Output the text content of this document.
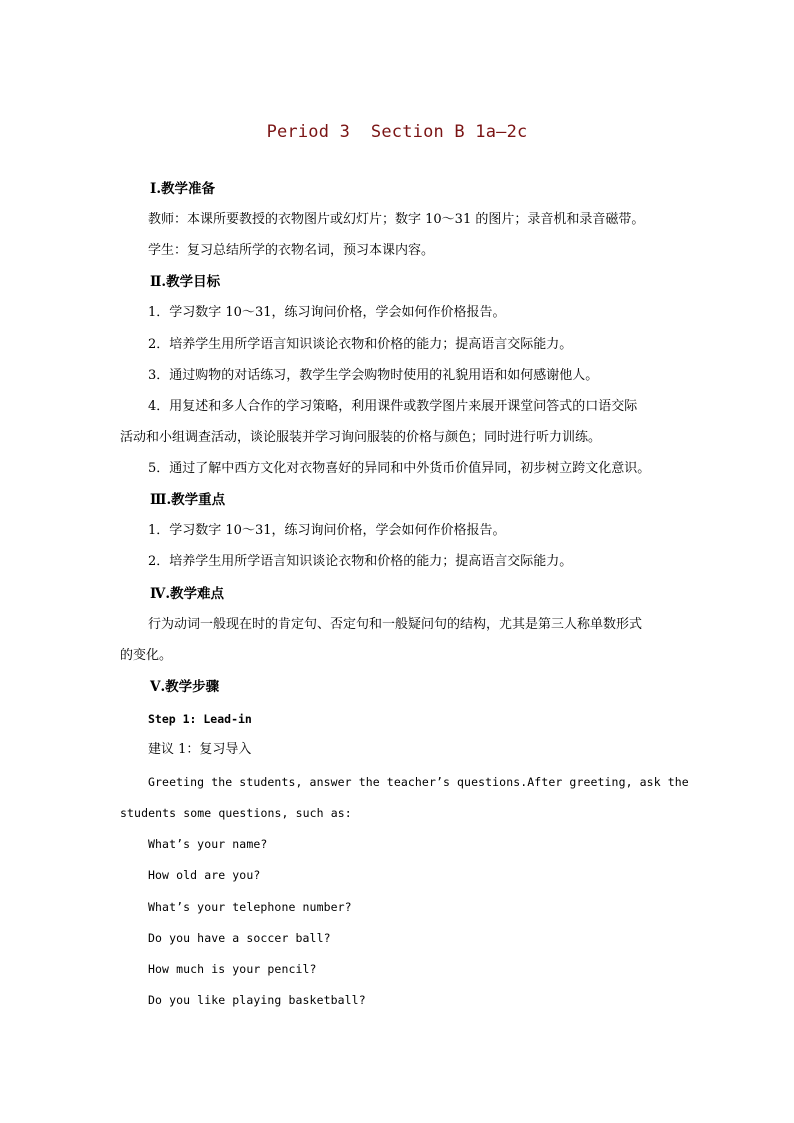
Period 3  Section B 1a—2c
Ⅰ.教学准备
教师：本课所要教授的衣物图片或幻灯片；数字 10～31 的图片；录音机和录音磁带。
学生：复习总结所学的衣物名词，预习本课内容。
Ⅱ.教学目标
1．学习数字 10～31，练习询问价格，学会如何作价格报告。
2．培养学生用所学语言知识谈论衣物和价格的能力；提高语言交际能力。
3．通过购物的对话练习，教学生学会购物时使用的礼貌用语和如何感谢他人。
4．用复述和多人合作的学习策略，利用课件或教学图片来展开课堂问答式的口语交际
活动和小组调查活动，谈论服装并学习询问服装的价格与颜色；同时进行听力训练。
5．通过了解中西方文化对衣物喜好的异同和中外货币价值异同，初步树立跨文化意识。
Ⅲ.教学重点
1．学习数字 10～31，练习询问价格，学会如何作价格报告。
2．培养学生用所学语言知识谈论衣物和价格的能力；提高语言交际能力。
Ⅳ.教学难点
行为动词一般现在时的肯定句、否定句和一般疑问句的结构，尤其是第三人称单数形式
的变化。
Ⅴ.教学步骤
Step 1: Lead-in
建议 1：复习导入
Greeting the students, answer the teacher’s questions.After greeting, ask the
students some questions, such as:
What’s your name?
How old are you?
What’s your telephone number?
Do you have a soccer ball?
How much is your pencil?
Do you like playing basketball?
